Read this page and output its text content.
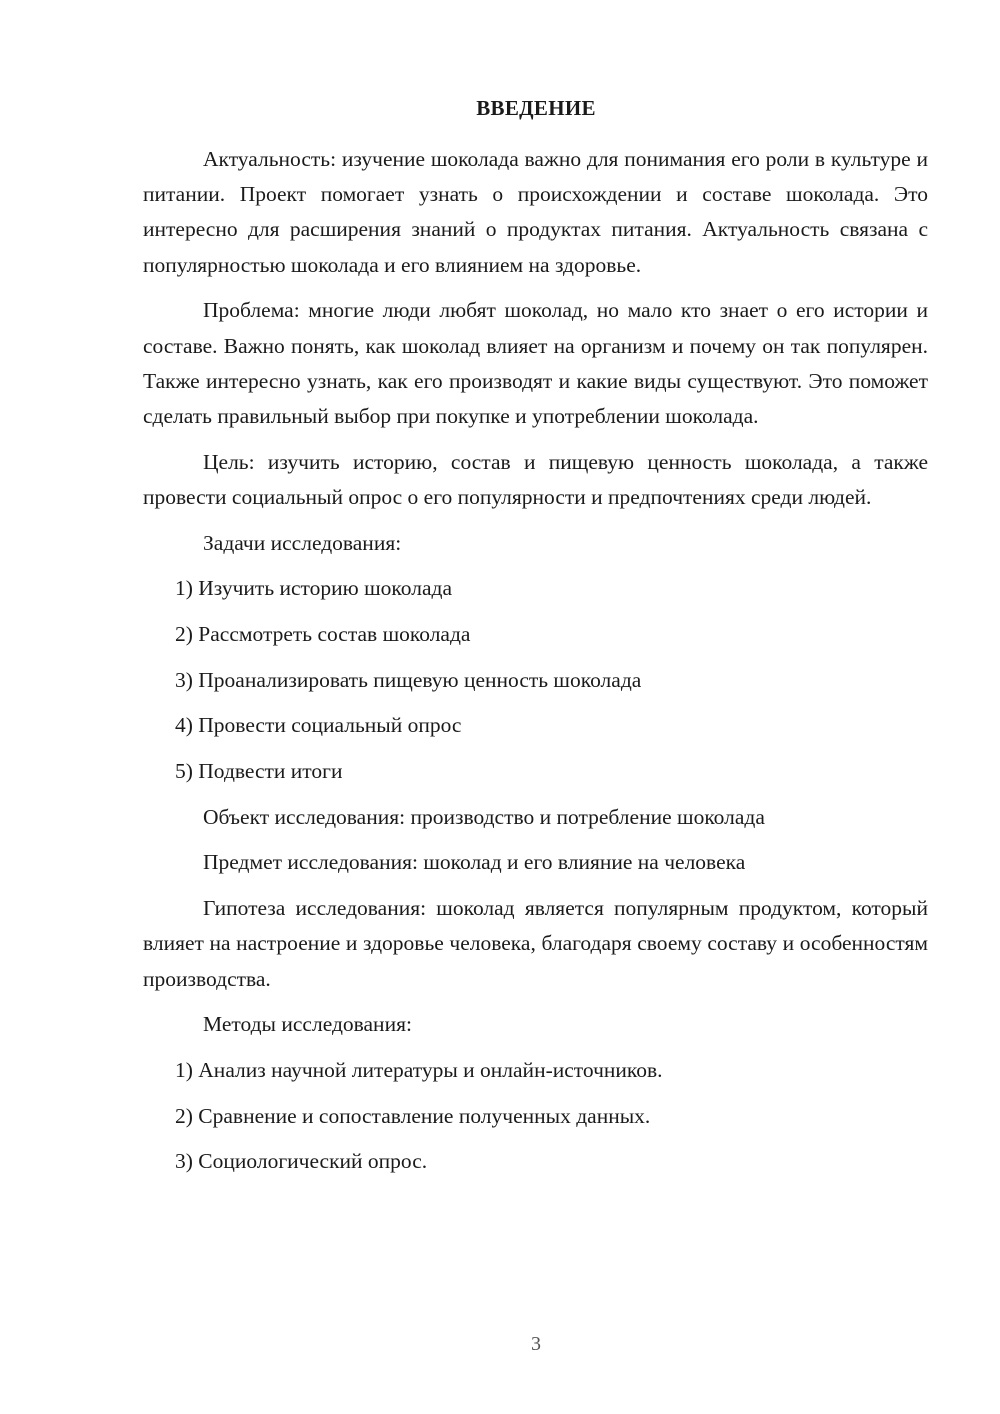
ВВЕДЕНИЕ

Актуальность: изучение шоколада важно для понимания его роли в культуре и питании. Проект помогает узнать о происхождении и составе шоколада. Это интересно для расширения знаний о продуктах питания. Актуальность связана с популярностью шоколада и его влиянием на здоровье.

Проблема: многие люди любят шоколад, но мало кто знает о его истории и составе. Важно понять, как шоколад влияет на организм и почему он так популярен. Также интересно узнать, как его производят и какие виды существуют. Это поможет сделать правильный выбор при покупке и употреблении шоколада.

Цель: изучить историю, состав и пищевую ценность шоколада, а также провести социальный опрос о его популярности и предпочтениях среди людей.

Задачи исследования:
1) Изучить историю шоколада
2) Рассмотреть состав шоколада
3) Проанализировать пищевую ценность шоколада
4) Провести социальный опрос
5) Подвести итоги
Объект исследования: производство и потребление шоколада
Предмет исследования: шоколад и его влияние на человека

Гипотеза исследования: шоколад является популярным продуктом, который влияет на настроение и здоровье человека, благодаря своему составу и особенностям производства.

Методы исследования:
1) Анализ научной литературы и онлайн-источников.
2) Сравнение и сопоставление полученных данных.
3) Социологический опрос.
3
